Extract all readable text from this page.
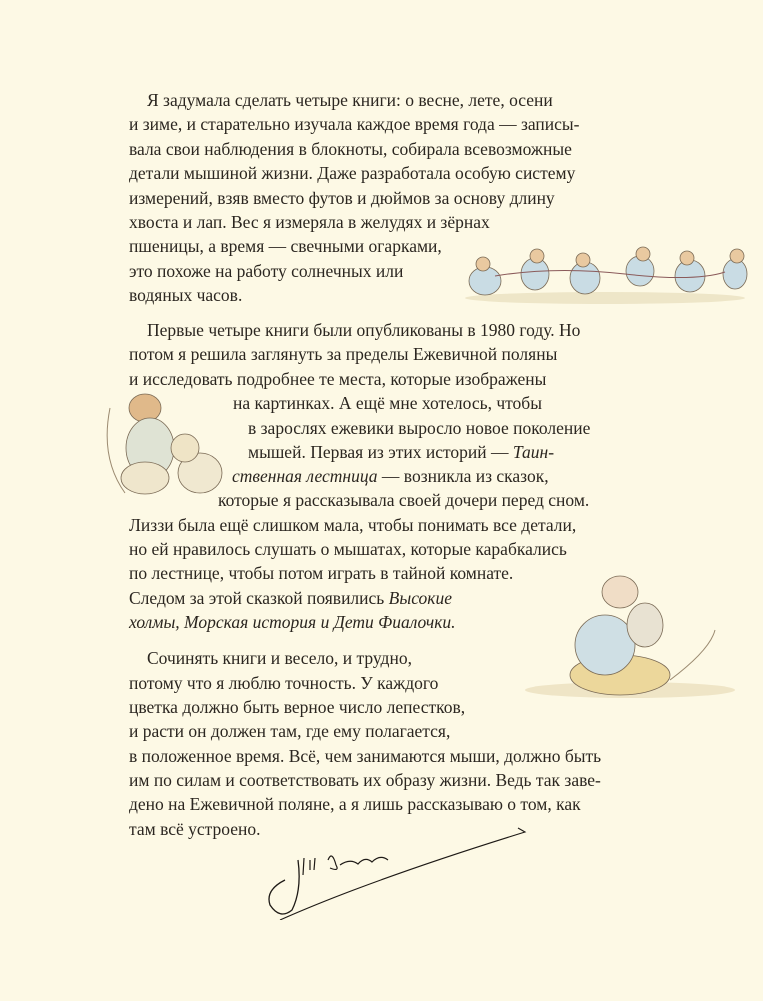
Я задумала сделать четыре книги: о весне, лете, осени
и зиме, и старательно изучала каждое время года — записы-
вала свои наблюдения в блокноты, собирала всевозможные
детали мышиной жизни. Даже разработала особую систему
измерений, взяв вместо футов и дюймов за основу длину
хвоста и лап. Вес я измеряла в желудях и зёрнах
пшеницы, а время — свечными огарками,
это похоже на работу солнечных или
водяных часов.
Первые четыре книги были опубликованы в 1980 году. Но
потом я решила заглянуть за пределы Ежевичной поляны
и исследовать подробнее те места, которые изображены
на картинках. А ещё мне хотелось, чтобы
в зарослях ежевики выросло новое поколение
мышей. Первая из этих историй — Таин-
ственная лестница — возникла из сказок,
которые я рассказывала своей дочери перед сном.
Лиззи была ещё слишком мала, чтобы понимать все детали,
но ей нравилось слушать о мышатах, которые карабкались
по лестнице, чтобы потом играть в тайной комнате.
Следом за этой сказкой появились Высокие
холмы, Морская история и Дети Фиалочки.
Сочинять книги и весело, и трудно,
потому что я люблю точность. У каждого
цветка должно быть верное число лепестков,
и расти он должен там, где ему полагается,
в положенное время. Всё, чем занимаются мыши, должно быть
им по силам и соответствовать их образу жизни. Ведь так заве-
дено на Ежевичной поляне, а я лишь рассказываю о том, как
там всё устроено.
